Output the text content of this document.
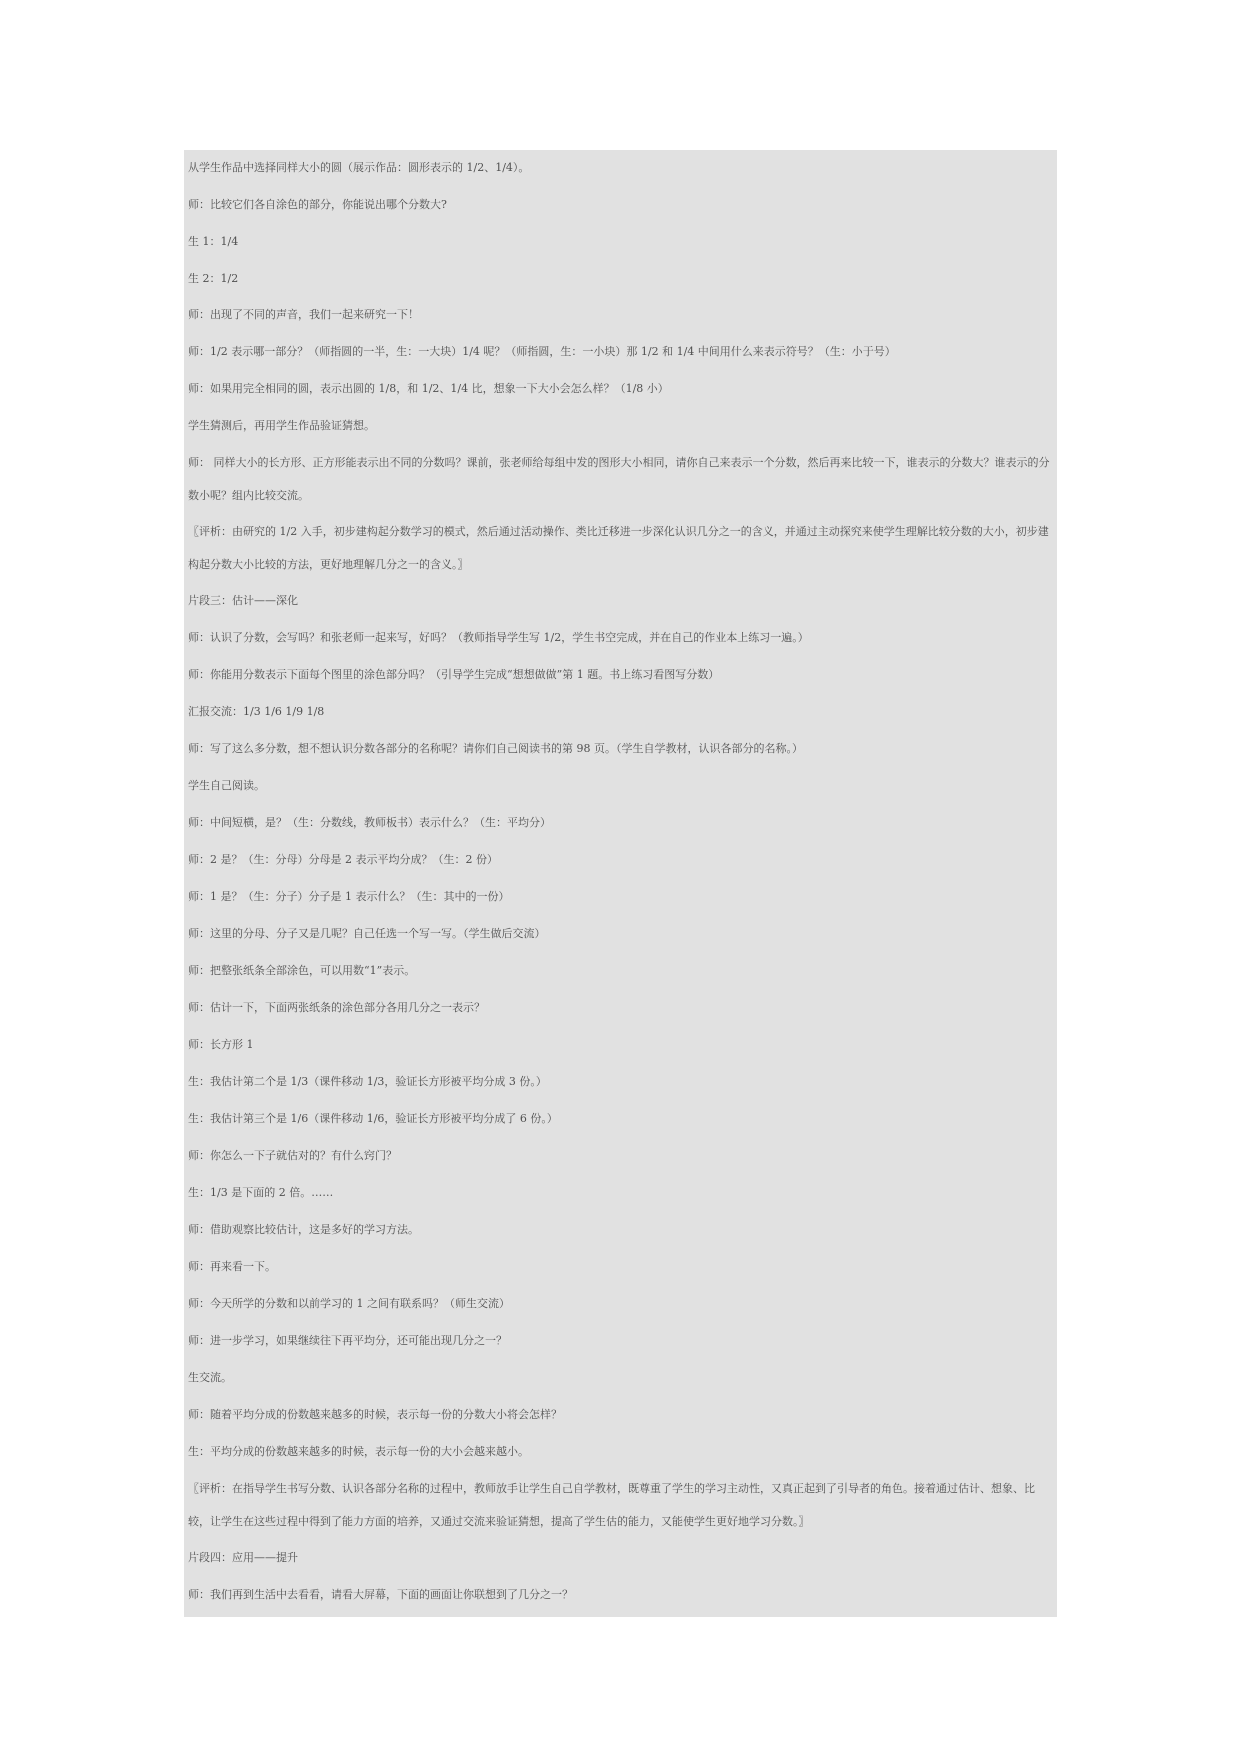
从学生作品中选择同样大小的圆（展示作品：圆形表示的 1/2、1/4）。

师：比较它们各自涂色的部分，你能说出哪个分数大?

生 1：1/4

生 2：1/2

师：出现了不同的声音，我们一起来研究一下！

师：1/2 表示哪一部分？（师指圆的一半，生：一大块）1/4 呢？（师指圆，生：一小块）那 1/2 和 1/4 中间用什么来表示符号？（生：小于号）

师：如果用完全相同的圆，表示出圆的 1/8，和 1/2、1/4 比，想象一下大小会怎么样？（1/8 小）

学生猜测后，再用学生作品验证猜想。

师： 同样大小的长方形、正方形能表示出不同的分数吗？课前，张老师给每组中发的图形大小相同，请你自己来表示一个分数，然后再来比较一下，谁表示的分数大？谁表示的分数小呢？组内比较交流。

〖评析：由研究的 1/2 入手，初步建构起分数学习的模式，然后通过活动操作、类比迁移进一步深化认识几分之一的含义，并通过主动探究来使学生理解比较分数的大小，初步建构起分数大小比较的方法，更好地理解几分之一的含义。〗

片段三：估计——深化

师：认识了分数，会写吗？和张老师一起来写，好吗？（教师指导学生写 1/2，学生书空完成，并在自己的作业本上练习一遍。）

师：你能用分数表示下面每个图里的涂色部分吗？（引导学生完成“想想做做”第 1 题。书上练习看图写分数）

汇报交流：1/3 1/6 1/9 1/8

师：写了这么多分数，想不想认识分数各部分的名称呢？请你们自己阅读书的第 98 页。（学生自学教材，认识各部分的名称。）

学生自己阅读。

师：中间短横，是？（生：分数线，教师板书）表示什么？（生：平均分）

师：2 是？（生：分母）分母是 2 表示平均分成？（生：2 份）

师：1 是？（生：分子）分子是 1 表示什么？（生：其中的一份）

师：这里的分母、分子又是几呢？自己任选一个写一写。（学生做后交流）

师：把整张纸条全部涂色，可以用数“1”表示。

师：估计一下，下面两张纸条的涂色部分各用几分之一表示？

师：长方形 1

生：我估计第二个是 1/3（课件移动 1/3，验证长方形被平均分成 3 份。）

生：我估计第三个是 1/6（课件移动 1/6，验证长方形被平均分成了 6 份。）

师：你怎么一下子就估对的？有什么窍门？

生：1/3 是下面的 2 倍。……

师：借助观察比较估计，这是多好的学习方法。

师：再来看一下。

师：今天所学的分数和以前学习的 1 之间有联系吗？（师生交流）

师：进一步学习，如果继续往下再平均分，还可能出现几分之一？

生交流。

师：随着平均分成的份数越来越多的时候，表示每一份的分数大小将会怎样？

生：平均分成的份数越来越多的时候，表示每一份的大小会越来越小。

〖评析：在指导学生书写分数、认识各部分名称的过程中，教师放手让学生自己自学教材，既尊重了学生的学习主动性，又真正起到了引导者的角色。接着通过估计、想象、比较，让学生在这些过程中得到了能力方面的培养，又通过交流来验证猜想，提高了学生估的能力，又能使学生更好地学习分数。〗

片段四：应用——提升

师：我们再到生活中去看看，请看大屏幕，下面的画面让你联想到了几分之一？
